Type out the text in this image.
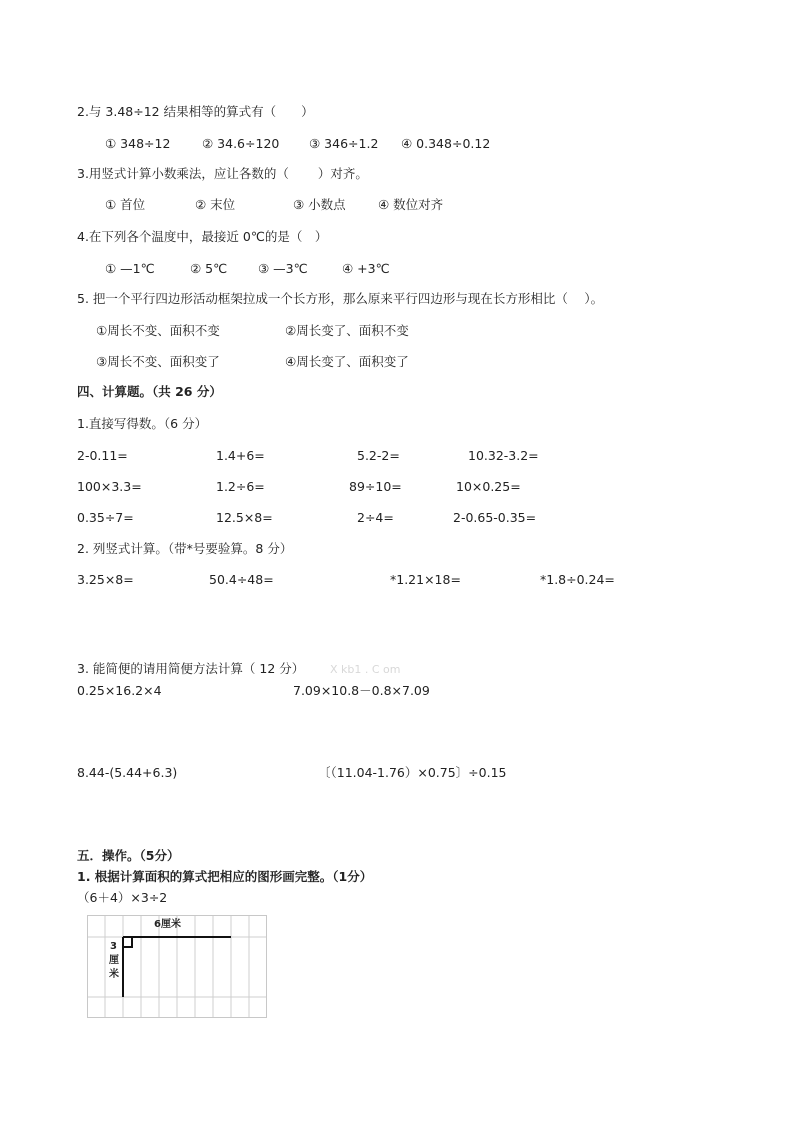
2.与 3.48÷12 结果相等的算式有（　　）
① 348÷12	② 34.6÷120 ③ 346÷1.2 ④ 0.348÷0.12
3.用竖式计算小数乘法，应让各数的（　　 ）对齐。
① 首位	② 末位	③ 小数点	④ 数位对齐
4.在下列各个温度中，最接近 0℃的是（　）
① —1℃	② 5℃ ③ —3℃	④ +3℃
5. 把一个平行四边形活动框架拉成一个长方形，那么原来平行四边形与现在长方形相比（　 ）。
①周长不变、面积不变	②周长变了、面积不变
③周长不变、面积变了	④周长变了、面积变了
四、计算题。（共 26 分）
1.直接写得数。（6 分）
2-0.11=	1.4+6=	5.2-2=	10.32-3.2=
100×3.3=	1.2÷6=	89÷10=	10×0.25=
0.35÷7=	12.5×8=	2÷4=	2-0.65-0.35=
2. 列竖式计算。（带*号要验算。8 分）
3.25×8=	50.4÷48=	*1.21×18=	*1.8÷0.24=
3. 能简便的请用简便方法计算（ 12 分） X kb1 . C om
0.25×16.2×4	7.09×10.8－0.8×7.09
8.44-(5.44+6.3)	〔（11.04-1.76）×0.75〕÷0.15
五．操作。（5分）
1. 根据计算面积的算式把相应的图形画完整。（1分）
（6＋4）×3÷2
6厘米
3
厘
米
